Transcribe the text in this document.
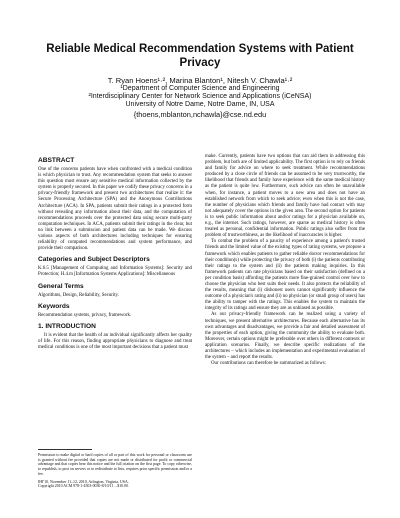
Reliable Medical Recommendation Systems with Patient
Privacy
T. Ryan Hoens¹·², Marina Blanton¹, Nitesh V. Chawla¹·²
¹Department of Computer Science and Engineering
²Interdisciplinary Center for Network Science and Applications (iCeNSA)
University of Notre Dame, Notre Dame, IN, USA
{thoens,mblanton,nchawla}@cse.nd.edu
ABSTRACT

One of the concerns patients have when confronted with a medical condition is which physician to trust. Any recommendation system that seeks to answer this question must ensure any sensitive medical information collected by the system is properly secured. In this paper we codify these privacy concerns in a privacy-friendly framework and present two architectures that realize it: the Secure Processing Architecture (SPA) and the Anonymous Contributions Architecture (ACA). In SPA, patients submit their ratings in a protected form without revealing any information about their data, and the computation of recommendations proceeds over the protected data using secure multi-party computation techniques. In ACA, patients submit their ratings in the clear, but no link between a submission and patient data can be made. We discuss various aspects of both architectures including techniques for ensuring reliability of computed recommendations and system performance, and provide their comparison.

Categories and Subject Descriptors

K.6.5 [Management of Computing and Information Systems]: Security and Protection; H.4.m [Information Systems Applications]: Miscellaneous

General Terms

Algorithms, Design, Reliability, Security.

Keywords

Recommendation systems, privacy, framework.

1. INTRODUCTION

It is evident that the health of an individual significantly affects her quality of life. For this reason, finding appropriate physicians to diagnose and treat medical conditions is one of the most important decisions that a patient must

Permission to make digital or hard copies of all or part of this work for personal or classroom use is granted without fee provided that copies are not made or distributed for profit or commercial advantage and that copies bear this notice and the full citation on the first page. To copy otherwise, to republish, to post on servers or to redistribute to lists, requires prior specific permission and/or a fee.

IHI'10, November 11–12, 2010, Arlington, Virginia, USA.

Copyright 2010 ACM 978-1-4503-0030-8/10/11 ...$10.00.

make. Currently, patients have two options that can aid them in addressing this problem, but both are of limited applicability. The first option is to rely on friends and family for advice on where to seek treatment. While recommendations produced by a close circle of friends can be assumed to be very trustworthy, the likelihood that friends and family have experience with the same medical history as the patient is quite low. Furthermore, such advice can often be unavailable when, for instance, a patient moves to a new area and does not have an established network from which to seek advice; even when this is not the case, the number of physicians which friends and family have had contact with may not adequately cover the options in the given area. The second option for patients is to seek public information about and/or ratings for a physician available on, e.g., the internet. Such ratings, however, are sparse as medical history is often treated as personal, confidential information. Public ratings also suffer from the problem of trustworthiness, as the likelihood of inaccuracies is higher.

To combat the problem of a paucity of experience among a patient's trusted friends and the limited value of the existing types of rating systems, we propose a framework which enables patients to gather reliable doctor recommendations for their condition(s) while protecting the privacy of both (i) the patients contributing their ratings to the system and (ii) the patients making inquiries. In this framework patients can rate physicians based on their satisfaction (defined on a per condition basis) affording the patients more fine-grained control over how to choose the physician who best suits their needs. It also protects the reliability of the results, meaning that (i) dishonest users cannot significantly influence the outcome of a physician's rating and (ii) no physician (or small group of users) has the ability to tamper with the ratings. This enables the system to maintain the integrity of its ratings and ensure they are as unbiased as possible.

As our privacy-friendly framework can be realized using a variety of techniques, we present alternative architectures. Because each alternative has its own advantages and disadvantages, we provide a fair and detailed assessment of the properties of each option, giving the community the ability to evaluate both. Moreover, certain options might be preferable over others in different contexts or application scenarios. Finally, we describe specific realizations of the architectures – which includes an implementation and experimental evaluation of the system – and report the results.

Our contributions can therefore be summarized as follows:
